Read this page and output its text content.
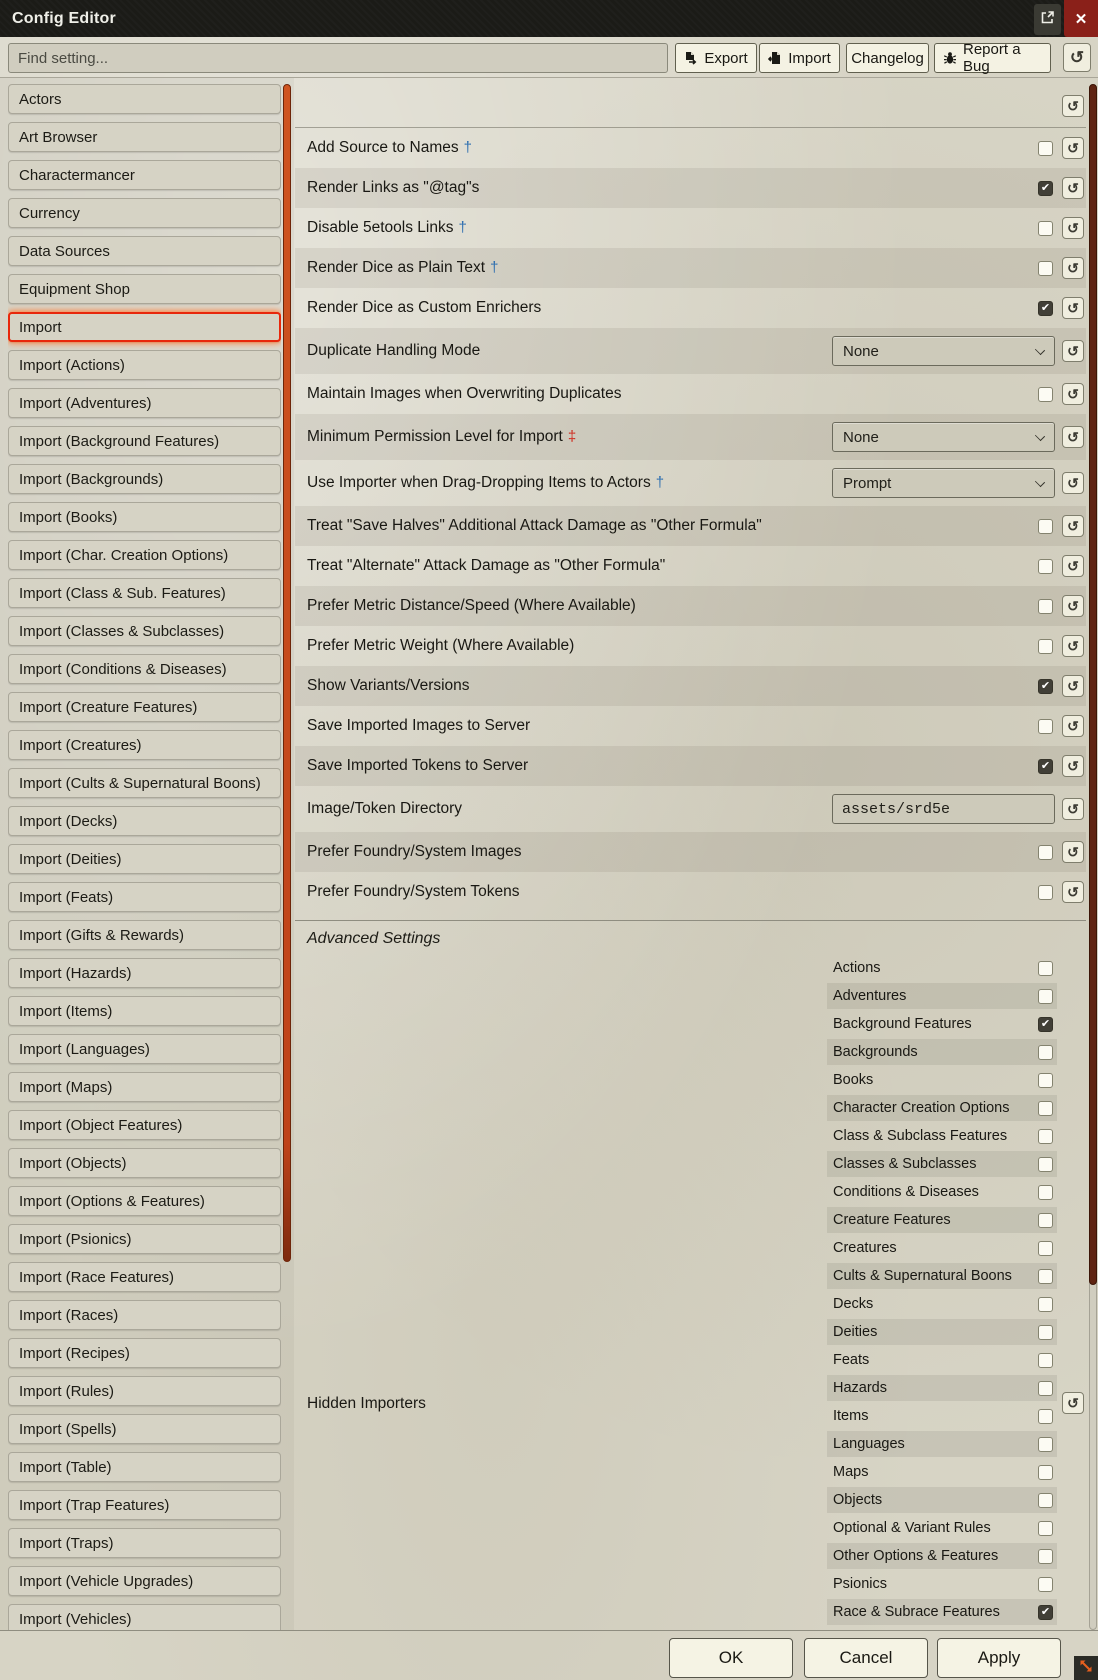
Config Editor	✕
Find setting...
Export	Import Changelog	Report a Bug	↺
Actors
Art Browser
Charactermancer
Currency
Data Sources
Equipment Shop
Import
Import (Actions)
Import (Adventures)
Import (Background Features)
Import (Backgrounds)
Import (Books)
Import (Char. Creation Options)
Import (Class & Sub. Features)
Import (Classes & Subclasses)
Import (Conditions & Diseases)
Import (Creature Features)
Import (Creatures)
Import (Cults & Supernatural Boons)
Import (Decks)
Import (Deities)
Import (Feats)
Import (Gifts & Rewards)
Import (Hazards)
Import (Items)
Import (Languages)
Import (Maps)
Import (Object Features)
Import (Objects)
Import (Options & Features)
Import (Psionics)
Import (Race Features)
Import (Races)
Import (Recipes)
Import (Rules)
Import (Spells)
Import (Table)
Import (Trap Features)
Import (Traps)
Import (Vehicle Upgrades)
Import (Vehicles)
↺
Add Source to Names †	↺
Render Links as "@tag"s ✔	↺
Disable 5etools Links †	↺
Render Dice as Plain Text †	↺
Render Dice as Custom Enrichers ✔	↺
Duplicate Handling Mode	None	↺
Maintain Images when Overwriting Duplicates	↺
Minimum Permission Level for Import ‡	None	↺
Use Importer when Drag-Dropping Items to Actors †	Prompt	↺
Treat "Save Halves" Additional Attack Damage as "Other Formula"	↺
Treat "Alternate" Attack Damage as "Other Formula"	↺
Prefer Metric Distance/Speed (Where Available)	↺
Prefer Metric Weight (Where Available)	↺
Show Variants/Versions ✔	↺
Save Imported Images to Server	↺
Save Imported Tokens to Server ✔	↺
Image/Token Directory
assets/srd5e	↺
Prefer Foundry/System Images	↺
Prefer Foundry/System Tokens	↺
Advanced Settings
Hidden Importers
Actions
Adventures
Background Features
✔
Backgrounds
Books
Character Creation Options
Class & Subclass Features
Classes & Subclasses
Conditions & Diseases
Creature Features
Creatures
Cults & Supernatural Boons
Decks
Deities
Feats
Hazards
Items
Languages
Maps
Objects
Optional & Variant Rules
Other Options & Features
Psionics
Race & Subrace Features
✔
↺
OK	Cancel	Apply
